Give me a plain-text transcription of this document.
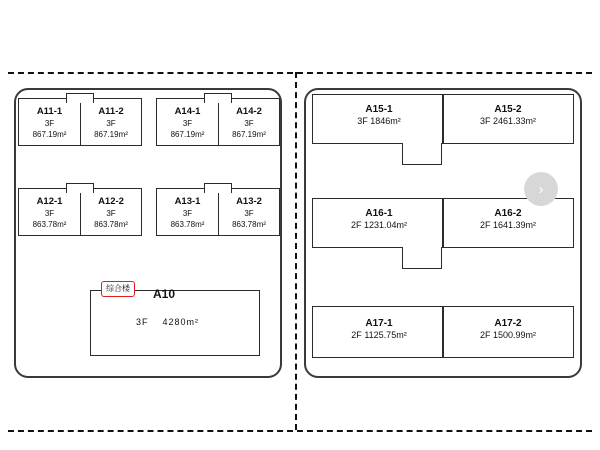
A11-1
3F
867.19m²
A11-2
3F
867.19m²
A14-1
3F
867.19m²
A14-2
3F
867.19m²
A12-1
3F
863.78m²
A12-2
3F
863.78m²
A13-1
3F
863.78m²
A13-2
3F
863.78m²
综合楼	A10
3F 4280m²
A15-1
3F 1846m²
A15-2
3F 2461.33m²
A16-1
2F 1231.04m²
A16-2
2F 1641.39m²
A17-1
2F 1125.75m²
A17-2
2F 1500.99m²
›
